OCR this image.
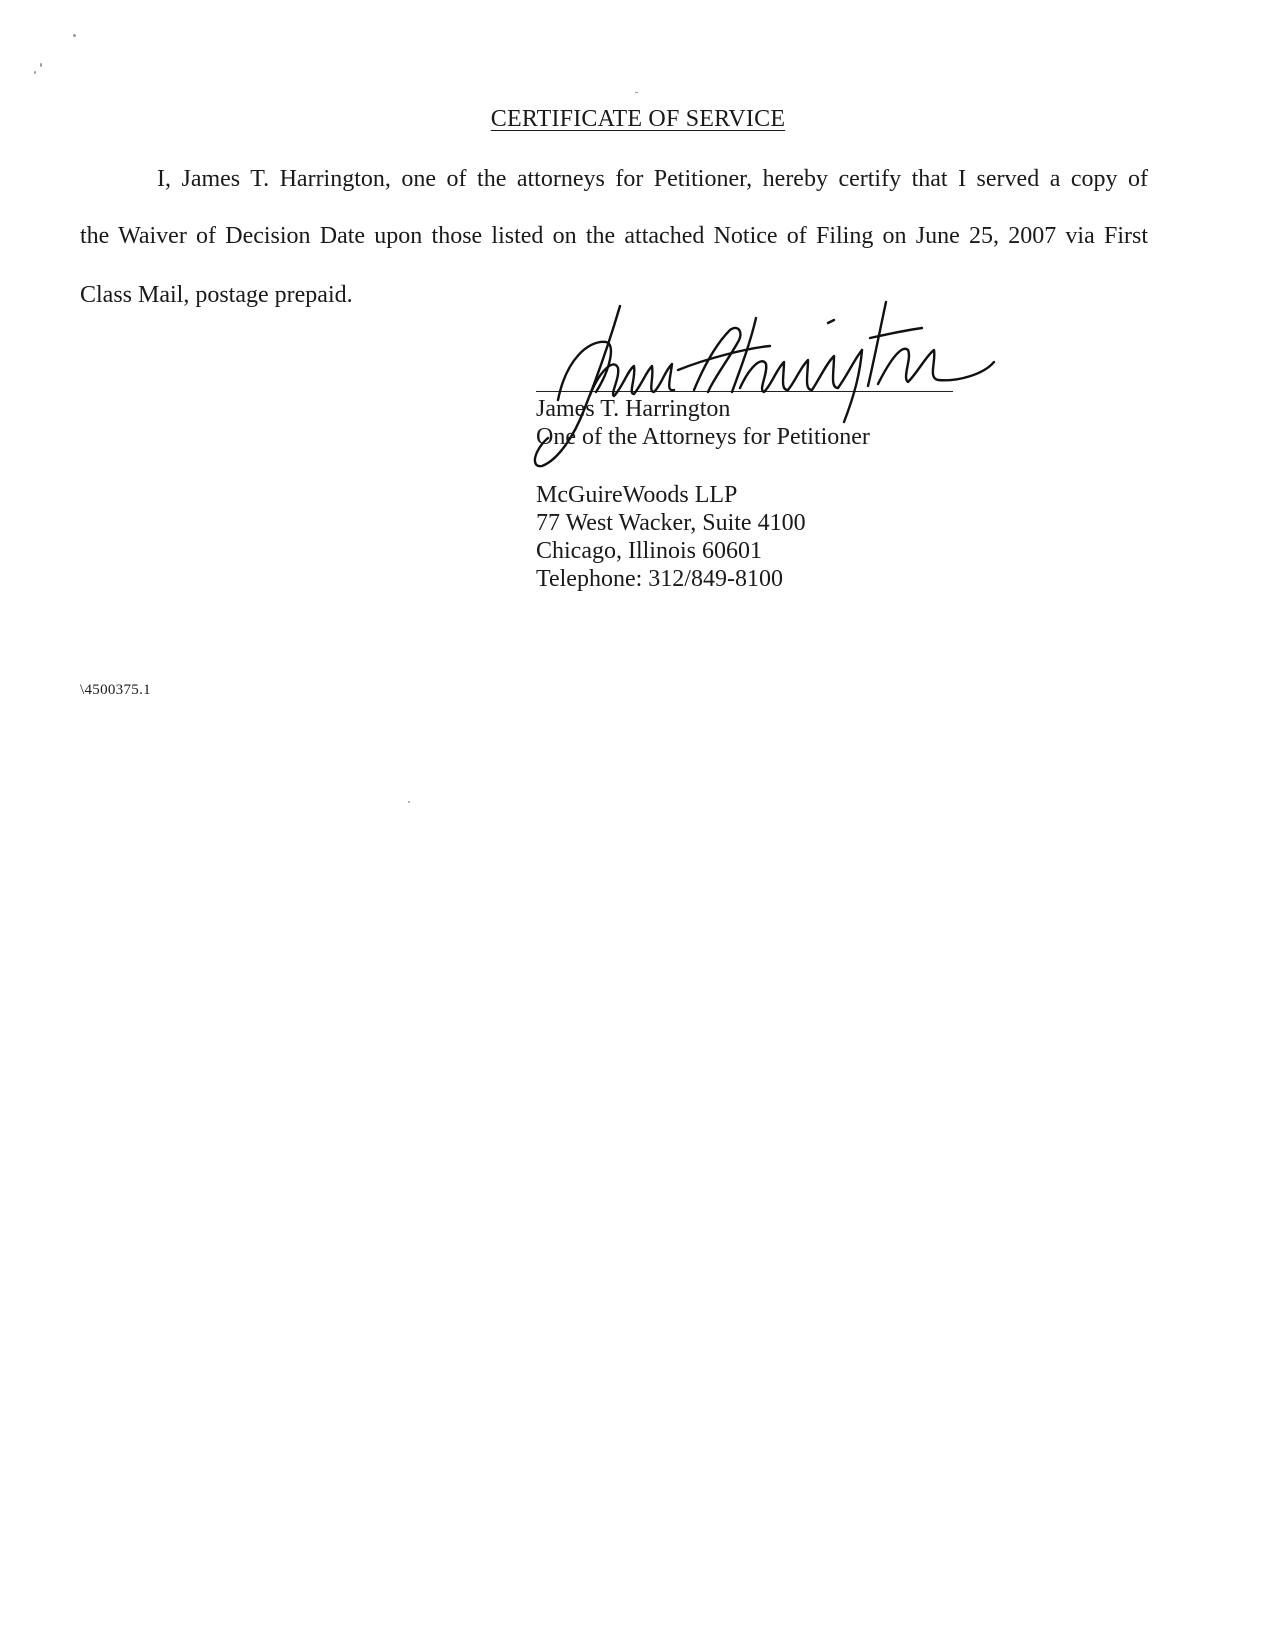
CERTIFICATE OF SERVICE
I, James T. Harrington, one of the attorneys for Petitioner, hereby certify that I served a copy of
the Waiver of Decision Date upon those listed on the attached Notice of Filing on June 25, 2007 via First
Class Mail, postage prepaid.
James T. Harrington
One of the Attorneys for Petitioner
McGuireWoods LLP
77 West Wacker, Suite 4100
Chicago, Illinois 60601
Telephone: 312/849-8100
\4500375.1
